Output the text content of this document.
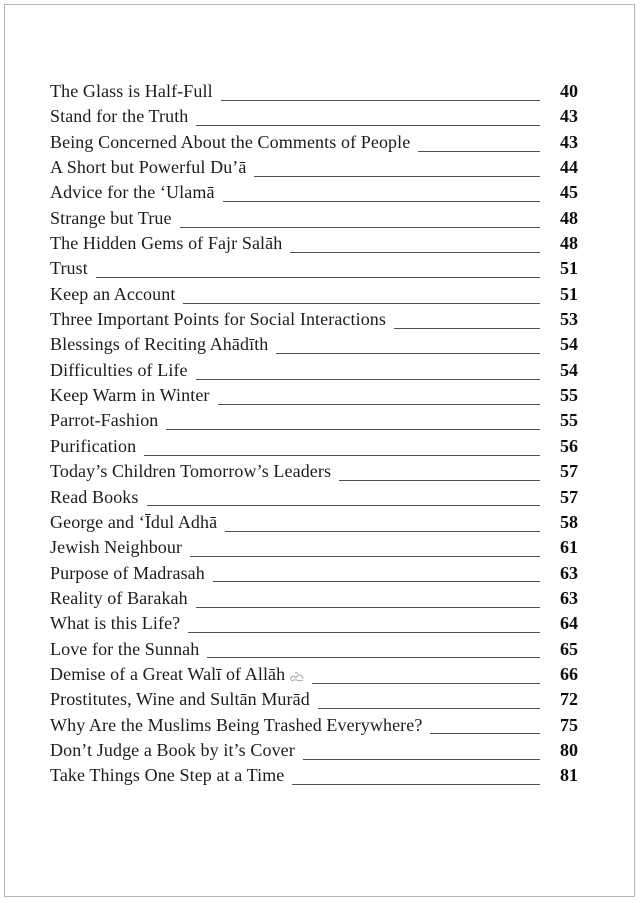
The Glass is Half-Full	40
Stand for the Truth	43
Being Concerned About the Comments of People	43
A Short but Powerful Du’ā	44
Advice for the ‘Ulamā	45
Strange but True	48
The Hidden Gems of Fajr Salāh	48
Trust	51
Keep an Account	51
Three Important Points for Social Interactions	53
Blessings of Reciting Ahādīth	54
Difficulties of Life	54
Keep Warm in Winter	55
Parrot-Fashion	55
Purification	56
Today’s Children Tomorrow’s Leaders	57
Read Books	57
George and ‘Īdul Adhā	58
Jewish Neighbour	61
Purpose of Madrasah	63
Reality of Barakah	63
What is this Life?	64
Love for the Sunnah	65
Demise of a Great Walī of Allāh	66
Prostitutes, Wine and Sultān Murād	72
Why Are the Muslims Being Trashed Everywhere?	75
Don’t Judge a Book by it’s Cover	80
Take Things One Step at a Time	81
